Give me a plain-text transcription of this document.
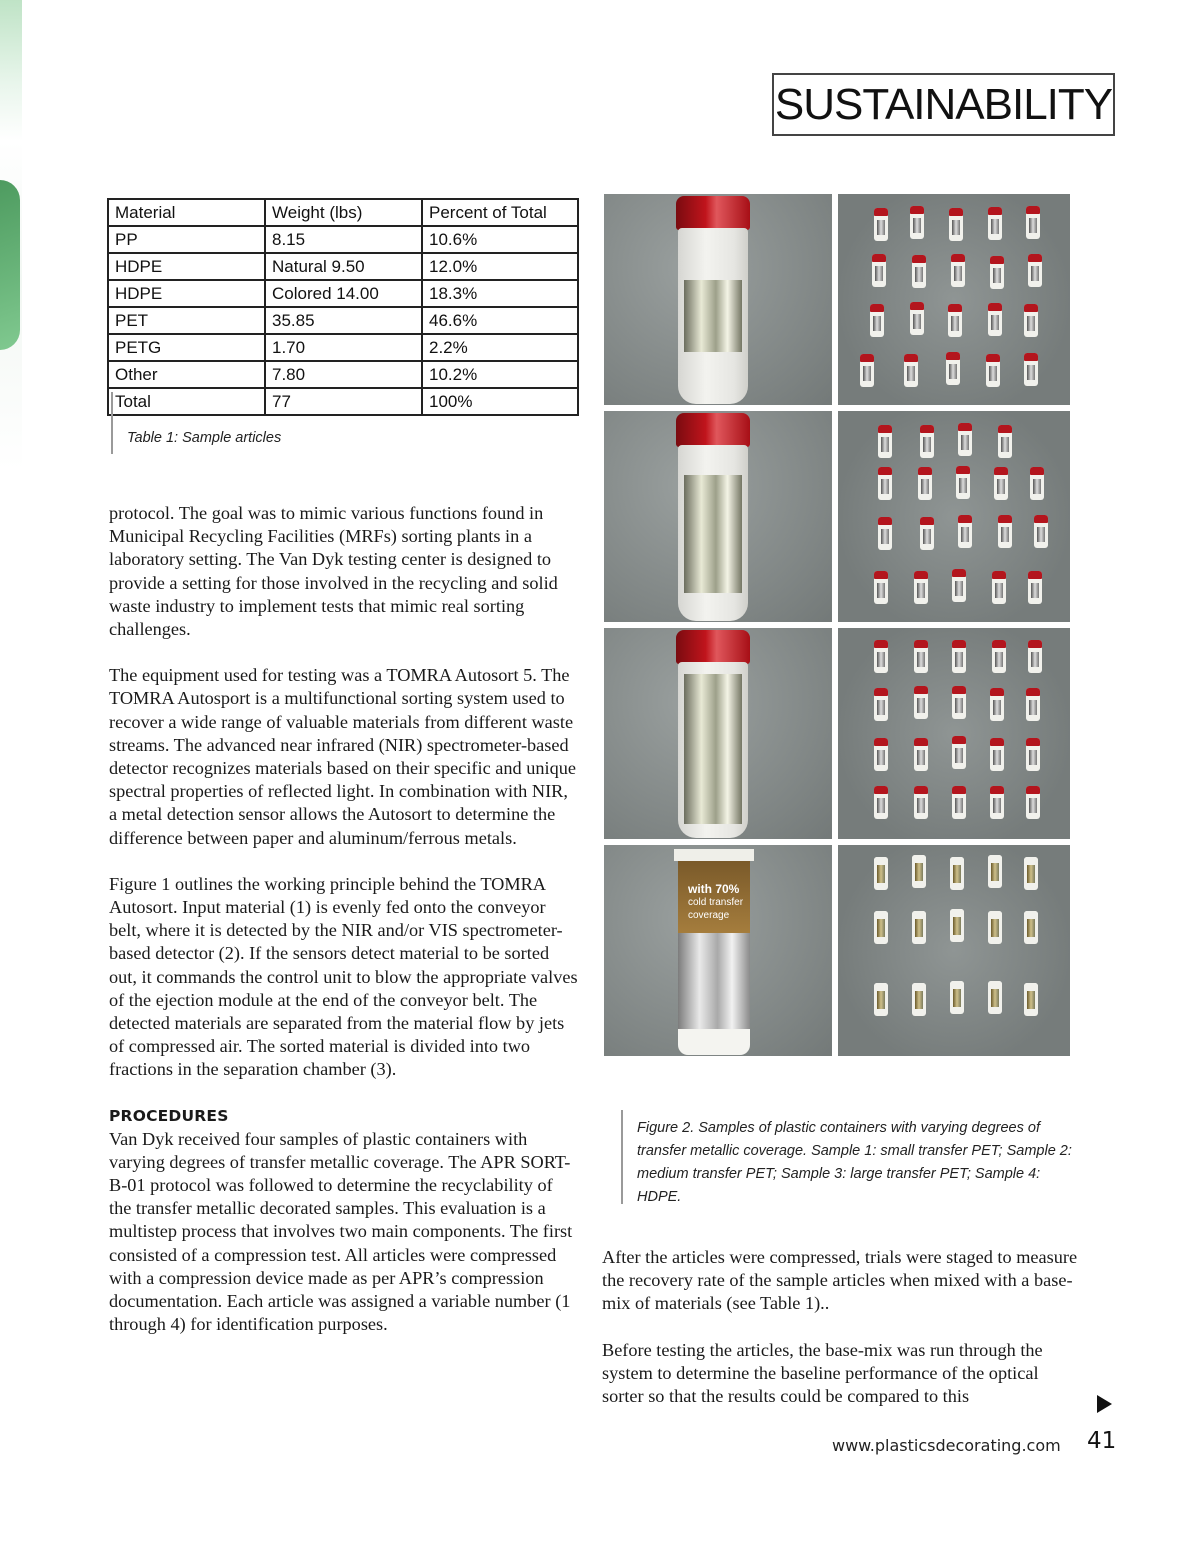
SUSTAINABILITY
Material	Weight (lbs)	Percent of Total
PP	8.15	10.6%
HDPE	Natural 9.50	12.0%
HDPE	Colored 14.00	18.3%
PET	35.85	46.6%
PETG	1.70	2.2%
Other	7.80	10.2%
Total	77	100%
Table 1: Sample articles

protocol. The goal was to mimic various functions found in Municipal Recycling Facilities (MRFs) sorting plants in a laboratory setting. The Van Dyk testing center is designed to provide a setting for those involved in the recycling and solid waste industry to implement tests that mimic real sorting challenges.

The equipment used for testing was a TOMRA Autosort 5. The TOMRA Autosport is a multifunctional sorting system used to recover a wide range of valuable materials from different waste streams. The advanced near infrared (NIR) spectrometer-based detector recognizes materials based on their specific and unique spectral properties of reflected light. In combination with NIR, a metal detection sensor allows the Autosort to determine the difference between paper and aluminum/ferrous metals.

Figure 1 outlines the working principle behind the TOMRA Autosort. Input material (1) is evenly fed onto the conveyor belt, where it is detected by the NIR and/or VIS spectrometer-based detector (2). If the sensors detect material to be sorted out, it commands the control unit to blow the appropriate valves of the ejection module at the end of the conveyor belt. The detected materials are separated from the material flow by jets of compressed air. The sorted material is divided into two fractions in the separation chamber (3).

PROCEDURES

Van Dyk received four samples of plastic containers with varying degrees of transfer metallic coverage. The APR SORT-B-01 protocol was followed to determine the recyclability of the transfer metallic decorated samples. This evaluation is a multistep process that involves two main components. The first consisted of a compression test. All articles were compressed with a compression device made as per APR’s compression documentation. Each article was assigned a variable number (1 through 4) for identification purposes.

with 70%
cold transfer
coverage
Figure 2. Samples of plastic containers with varying degrees of transfer metallic coverage. Sample 1: small transfer PET; Sample 2: medium transfer PET; Sample 3: large transfer PET; Sample 4: HDPE.

After the articles were compressed, trials were staged to measure the recovery rate of the sample articles when mixed with a base-mix of materials (see Table 1)..

Before testing the articles, the base-mix was run through the system to determine the baseline performance of the optical sorter so that the results could be compared to this

www.plasticsdecorating.com 41
